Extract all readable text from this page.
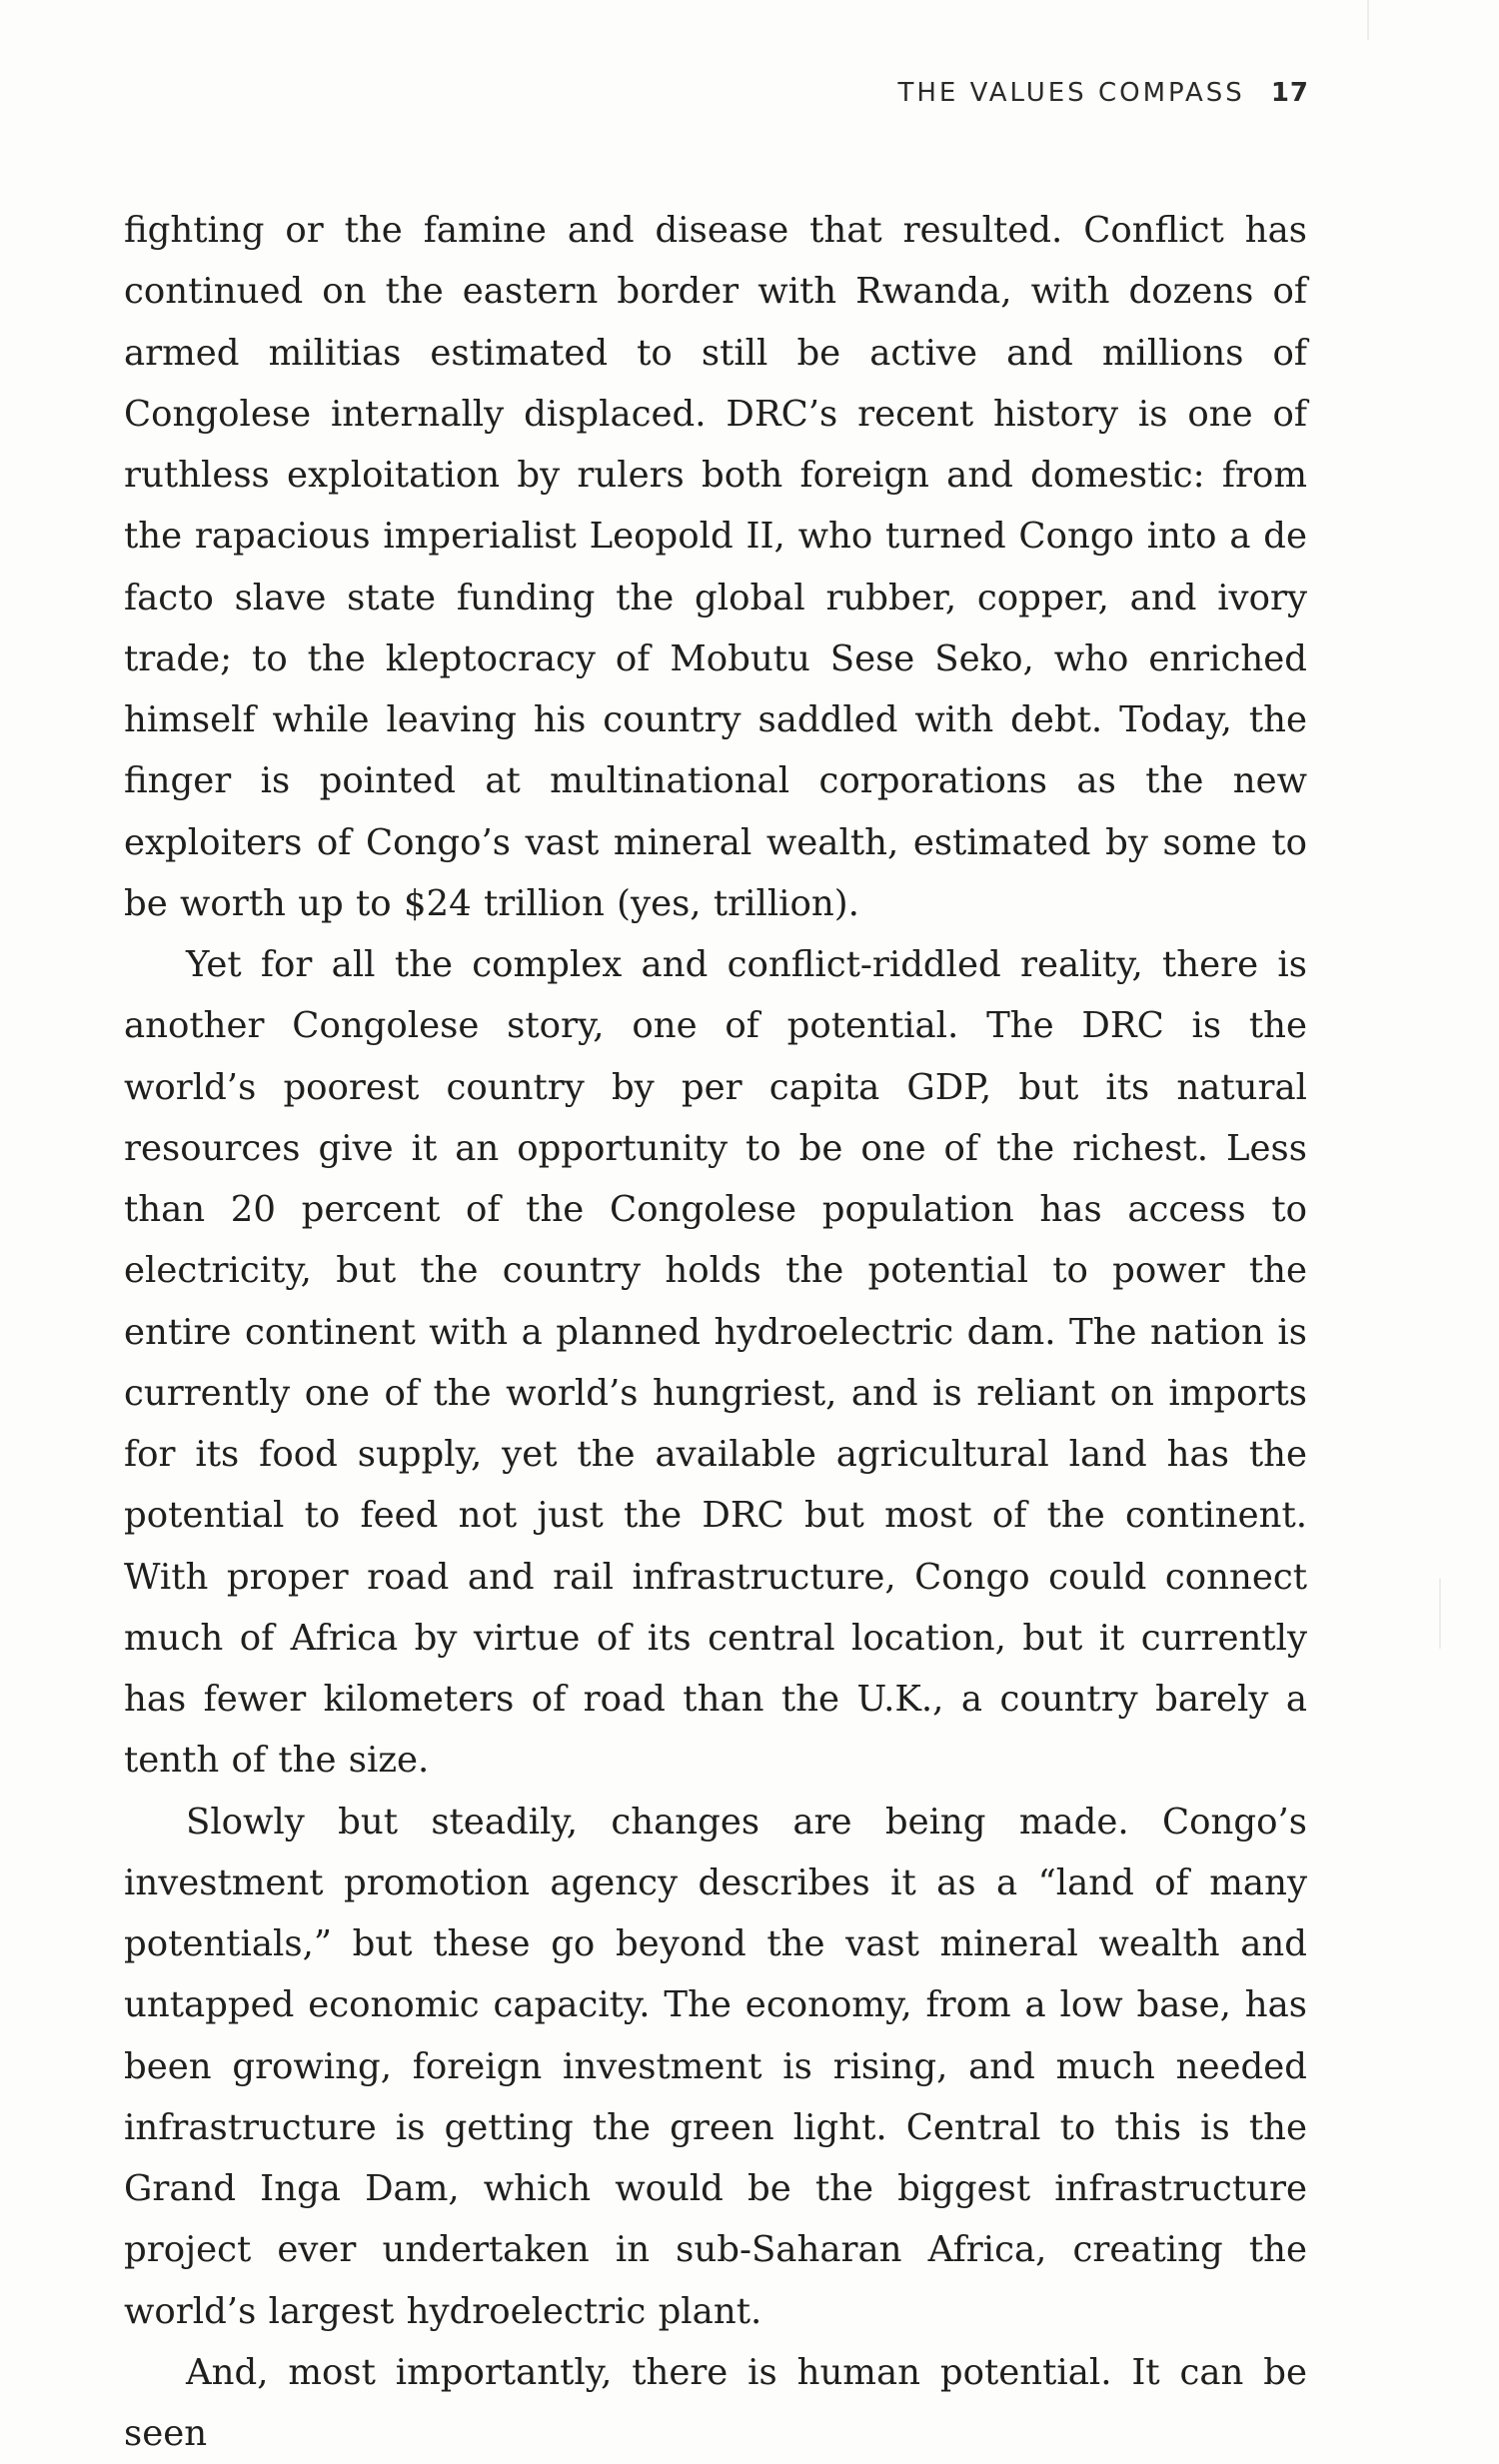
THE VALUES COMPASS 17

fighting or the famine and disease that resulted. Conflict has continued on the eastern border with Rwanda, with dozens of armed militias estimated to still be active and millions of Congolese internally displaced. DRC’s recent history is one of ruthless exploitation by rulers both foreign and domestic: from the rapacious imperialist Leopold II, who turned Congo into a de facto slave state funding the global rubber, copper, and ivory trade; to the kleptocracy of Mobutu Sese Seko, who enriched himself while leaving his country saddled with debt. Today, the finger is pointed at multinational corporations as the new exploiters of Congo’s vast mineral wealth, estimated by some to be worth up to $24 trillion (yes, trillion).

Yet for all the complex and conflict-riddled reality, there is another Congolese story, one of potential. The DRC is the world’s poorest country by per capita GDP, but its natural resources give it an opportunity to be one of the richest. Less than 20 percent of the Congolese population has access to electricity, but the country holds the potential to power the entire continent with a planned hydroelectric dam. The nation is currently one of the world’s hungriest, and is reliant on imports for its food supply, yet the available agricultural land has the potential to feed not just the DRC but most of the continent. With proper road and rail infrastructure, Congo could connect much of Africa by virtue of its central location, but it currently has fewer kilometers of road than the U.K., a country barely a tenth of the size.

Slowly but steadily, changes are being made. Congo’s investment promotion agency describes it as a “land of many potentials,” but these go beyond the vast mineral wealth and untapped economic capacity. The economy, from a low base, has been growing, foreign investment is rising, and much needed infrastructure is getting the green light. Central to this is the Grand Inga Dam, which would be the biggest infrastructure project ever undertaken in sub-Saharan Africa, creating the world’s largest hydroelectric plant.

And, most importantly, there is human potential. It can be seen
